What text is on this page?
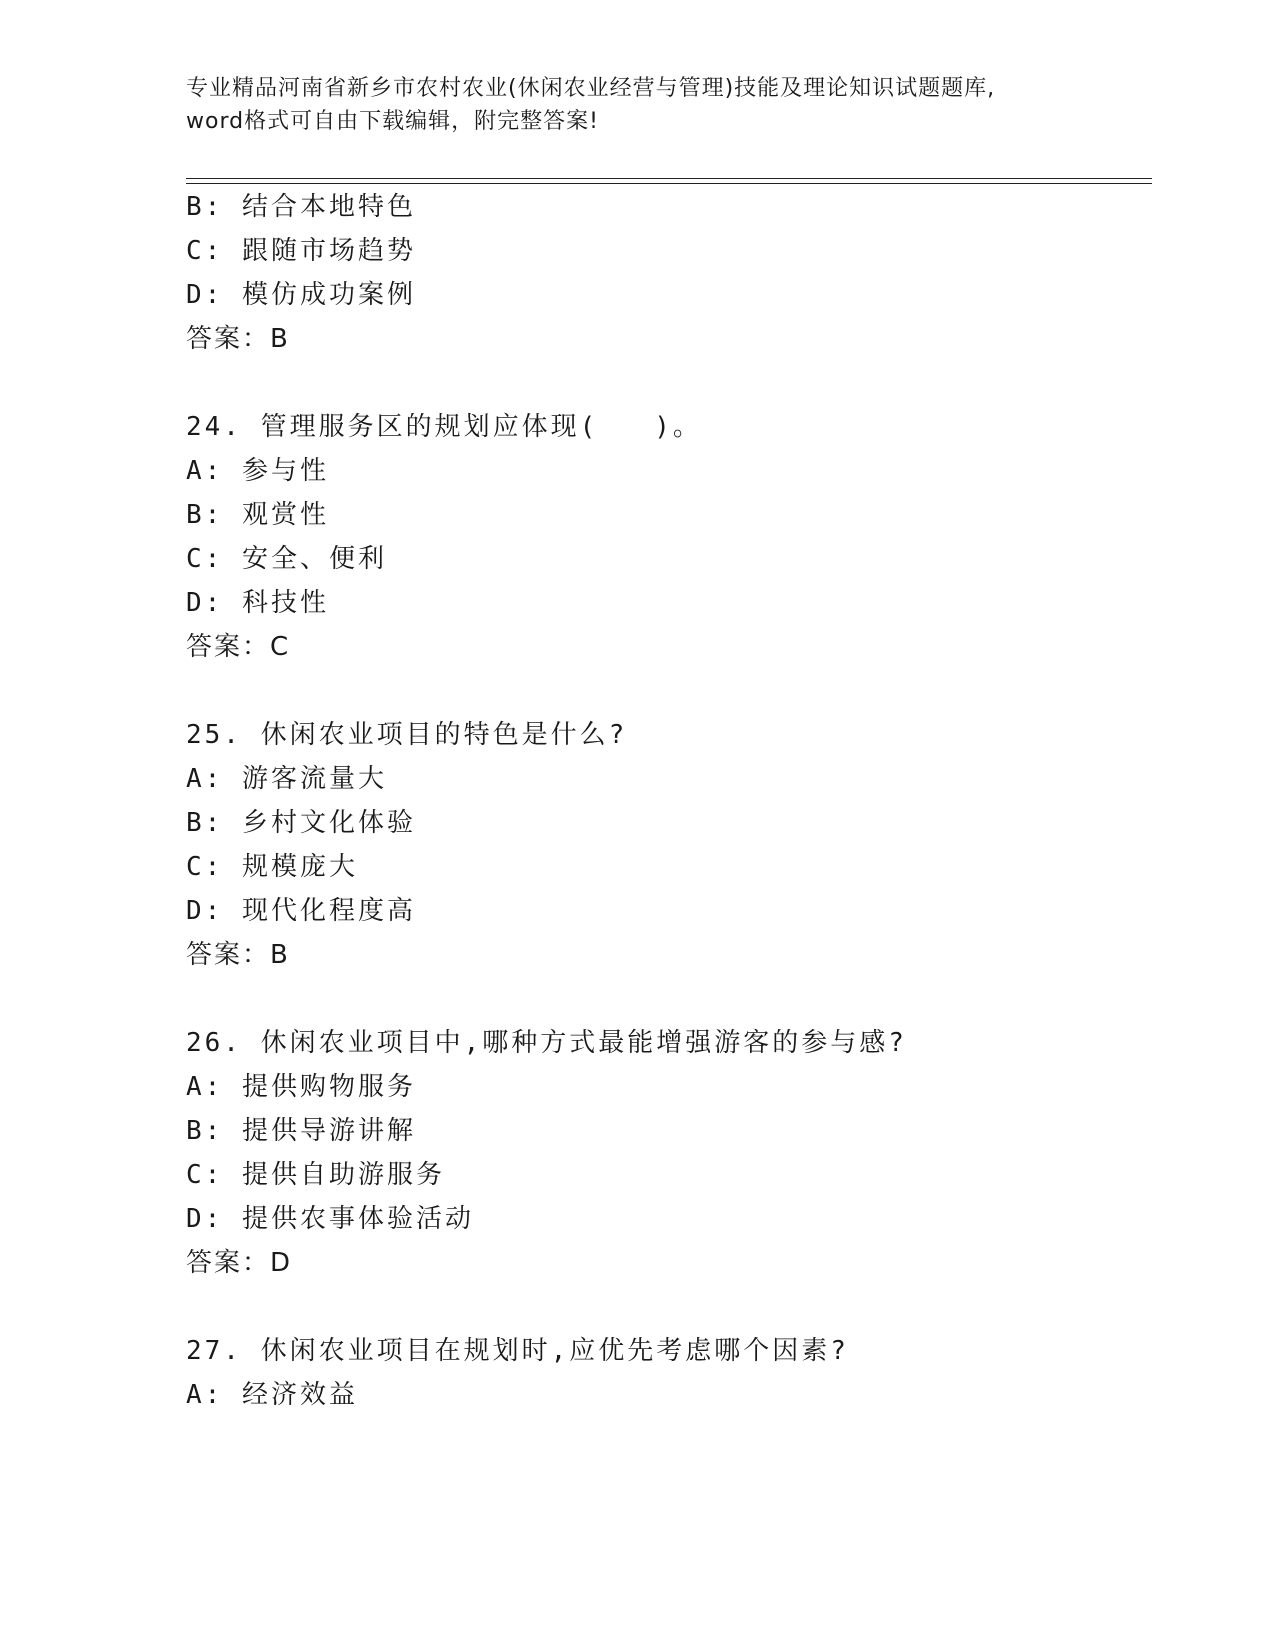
专业精品河南省新乡市农村农业(休闲农业经营与管理)技能及理论知识试题题库,
word格式可自由下载编辑，附完整答案!
B: 结合本地特色
C: 跟随市场趋势
D: 模仿成功案例
答案：B
24. 管理服务区的规划应体现(   )。
A: 参与性
B: 观赏性
C: 安全、便利
D: 科技性
答案：C
25. 休闲农业项目的特色是什么?
A: 游客流量大
B: 乡村文化体验
C: 规模庞大
D: 现代化程度高
答案：B
26. 休闲农业项目中,哪种方式最能增强游客的参与感?
A: 提供购物服务
B: 提供导游讲解
C: 提供自助游服务
D: 提供农事体验活动
答案：D
27. 休闲农业项目在规划时,应优先考虑哪个因素?
A: 经济效益
